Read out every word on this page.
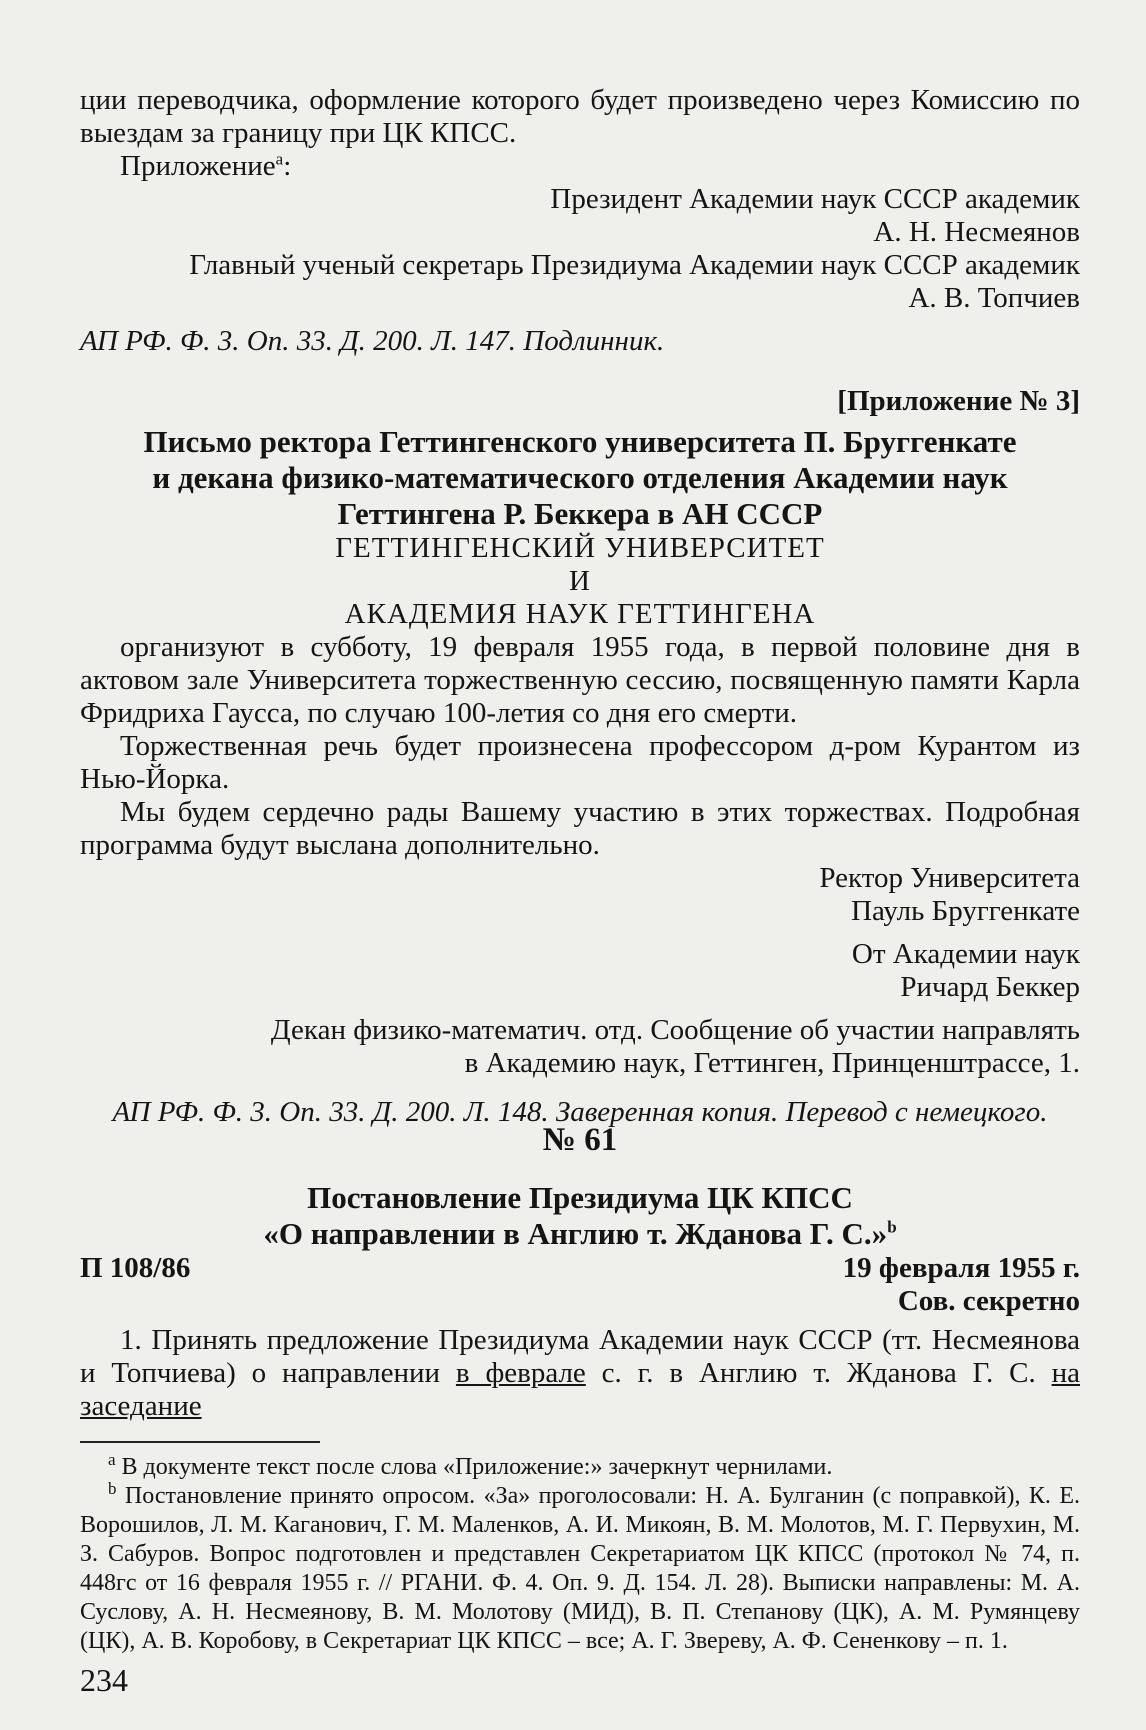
ции переводчика, оформление которого будет произведено через Комиссию по выездам за границу при ЦК КПСС.

Приложение$^а$:

Президент Академии наук СССР академик

А. Н. Несмеянов

Главный ученый секретарь Президиума Академии наук СССР академик

А. В. Топчиев

АП РФ. Ф. 3. Оп. 33. Д. 200. Л. 147. Подлинник.

[Приложение № 3]

Письмо ректора Геттингенского университета П. Бруггенкате

и декана физико-математического отделения Академии наук

Геттингена Р. Беккера в АН СССР

ГЕТТИНГЕНСКИЙ УНИВЕРСИТЕТ

И

АКАДЕМИЯ НАУК ГЕТТИНГЕНА

организуют в субботу, 19 февраля 1955 года, в первой половине дня в актовом зале Университета торжественную сессию, посвященную памяти Карла Фридриха Гаусса, по случаю 100-летия со дня его смерти.

Торжественная речь будет произнесена профессором д-ром Курантом из Нью-Йорка.

Мы будем сердечно рады Вашему участию в этих торжествах. Подробная программа будут выслана дополнительно.

Ректор Университета

Пауль Бруггенкате

От Академии наук

Ричард Беккер

Декан физико-математич. отд. Сообщение об участии направлять

в Академию наук, Геттинген, Принценштрассе, 1.

АП РФ. Ф. 3. Оп. 33. Д. 200. Л. 148. Заверенная копия. Перевод с немецкого.

№ 61

Постановление Президиума ЦК КПСС

«О направлении в Англию т. Жданова Г. С.»$^b$

П 108/86	19 февраля 1955 г.

Сов. секретно

1. Принять предложение Президиума Академии наук СССР (тт. Несмеянова и Топчиева) о направлении в феврале с. г. в Англию т. Жданова Г. С. на заседание

$^а$ В документе текст после слова «Приложение:» зачеркнут чернилами.

$^b$ Постановление принято опросом. «За» проголосовали: Н. А. Булганин (с поправкой), К. Е. Ворошилов, Л. М. Каганович, Г. М. Маленков, А. И. Микоян, В. М. Молотов, М. Г. Первухин, М. З. Сабуров. Вопрос подготовлен и представлен Секретариатом ЦК КПСС (протокол № 74, п. 448гс от 16 февраля 1955 г. // РГАНИ. Ф. 4. Оп. 9. Д. 154. Л. 28). Выписки направлены: М. А. Суслову, А. Н. Несмеянову, В. М. Молотову (МИД), В. П. Степанову (ЦК), А. М. Румянцеву (ЦК), А. В. Коробову, в Секретариат ЦК КПСС – все; А. Г. Звереву, А. Ф. Сененкову – п. 1.

234
